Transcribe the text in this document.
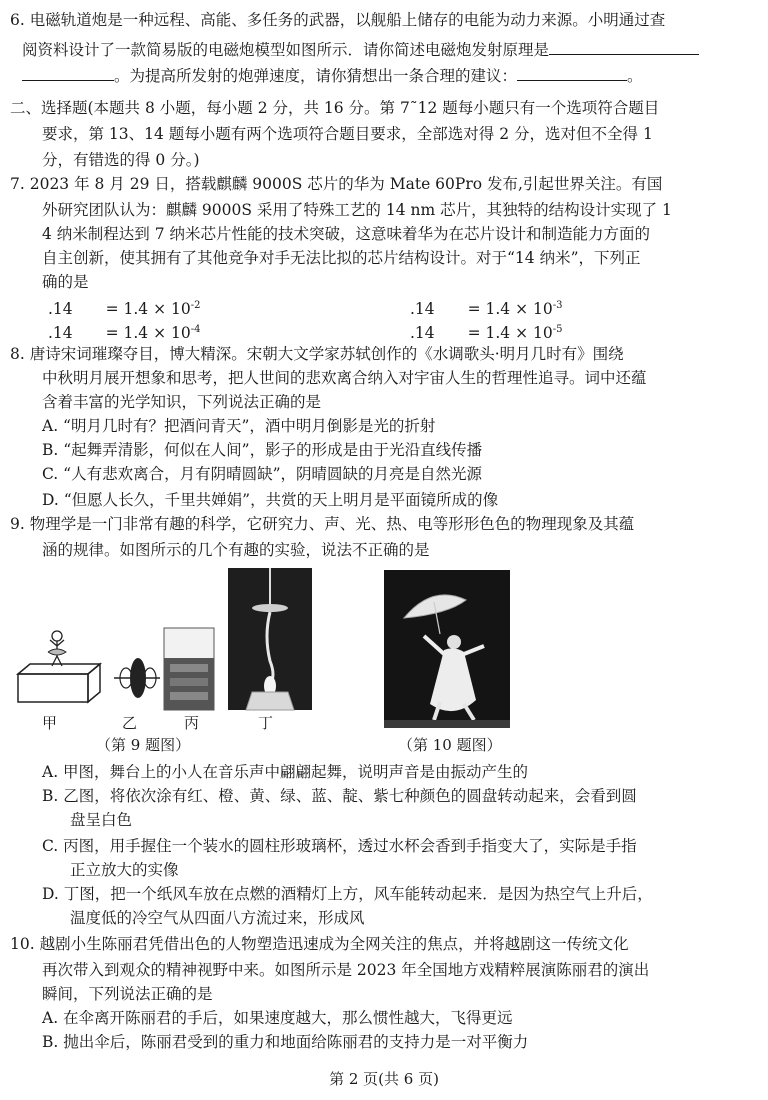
6. 电磁轨道炮是一种远程、高能、多任务的武器，以舰船上储存的电能为动力来源。小明通过查
阅资料设计了一款简易版的电磁炮模型如图所示．请你简述电磁炮发射原理是
。为提高所发射的炮弹速度，请你猜想出一条合理的建议：	。
二、选择题(本题共 8 小题，每小题 2 分，共 16 分。第 7˜12 题每小题只有一个选项符合题目
要求，第 13、14 题每小题有两个选项符合题目要求，全部选对得 2 分，选对但不全得 1
分，有错选的得 0 分。)
7. 2023 年 8 月 29 日，搭载麒麟 9000S 芯片的华为 Mate 60Pro 发布,引起世界关注。有国
外研究团队认为：麒麟 9000S 采用了特殊工艺的 14 nm 芯片，其独特的结构设计实现了 1
4 纳米制程达到 7 纳米芯片性能的技术突破，这意味着华为在芯片设计和制造能力方面的
自主创新，使其拥有了其他竞争对手无法比拟的芯片结构设计。对于“14 纳米”，下列正
确的是
$.14 = 1.4 \times 10^{-2}$	$.14 = 1.4 \times 10^{-3}$
$.14 = 1.4 \times 10^{-4}$	$.14 = 1.4 \times 10^{-5}$
8. 唐诗宋词璀璨夺目，博大精深。宋朝大文学家苏轼创作的《水调歌头·明月几时有》围绕
中秋明月展开想象和思考，把人世间的悲欢离合纳入对宇宙人生的哲理性追寻。词中还蕴
含着丰富的光学知识，下列说法正确的是
A. “明月几时有？把酒问青天”，酒中明月倒影是光的折射
B. “起舞弄清影，何似在人间”，影子的形成是由于光沿直线传播
C. “人有悲欢离合，月有阴晴圆缺”，阴晴圆缺的月亮是自然光源
D. “但愿人长久，千里共婵娟”，共赏的天上明月是平面镜所成的像
9. 物理学是一门非常有趣的科学，它研究力、声、光、热、电等形形色色的物理现象及其蕴
涵的规律。如图所示的几个有趣的实验，说法不正确的是
甲	乙	丙	丁
（第 9 题图）	（第 10 题图）
A. 甲图，舞台上的小人在音乐声中翩翩起舞，说明声音是由振动产生的
B. 乙图，将依次涂有红、橙、黄、绿、蓝、靛、紫七种颜色的圆盘转动起来，会看到圆
盘呈白色
C. 丙图，用手握住一个装水的圆柱形玻璃杯，透过水杯会香到手指变大了，实际是手指
正立放大的实像
D. 丁图，把一个纸风车放在点燃的酒精灯上方，风车能转动起来．是因为热空气上升后，
温度低的冷空气从四面八方流过来，形成风
10. 越剧小生陈丽君凭借出色的人物塑造迅速成为全网关注的焦点，并将越剧这一传统文化
再次带入到观众的精神视野中来。如图所示是 2023 年全国地方戏精粹展演陈丽君的演出
瞬间，下列说法正确的是
A. 在伞离开陈丽君的手后，如果速度越大，那么惯性越大，飞得更远
B. 抛出伞后，陈丽君受到的重力和地面给陈丽君的支持力是一对平衡力
第 2 页(共 6 页)
